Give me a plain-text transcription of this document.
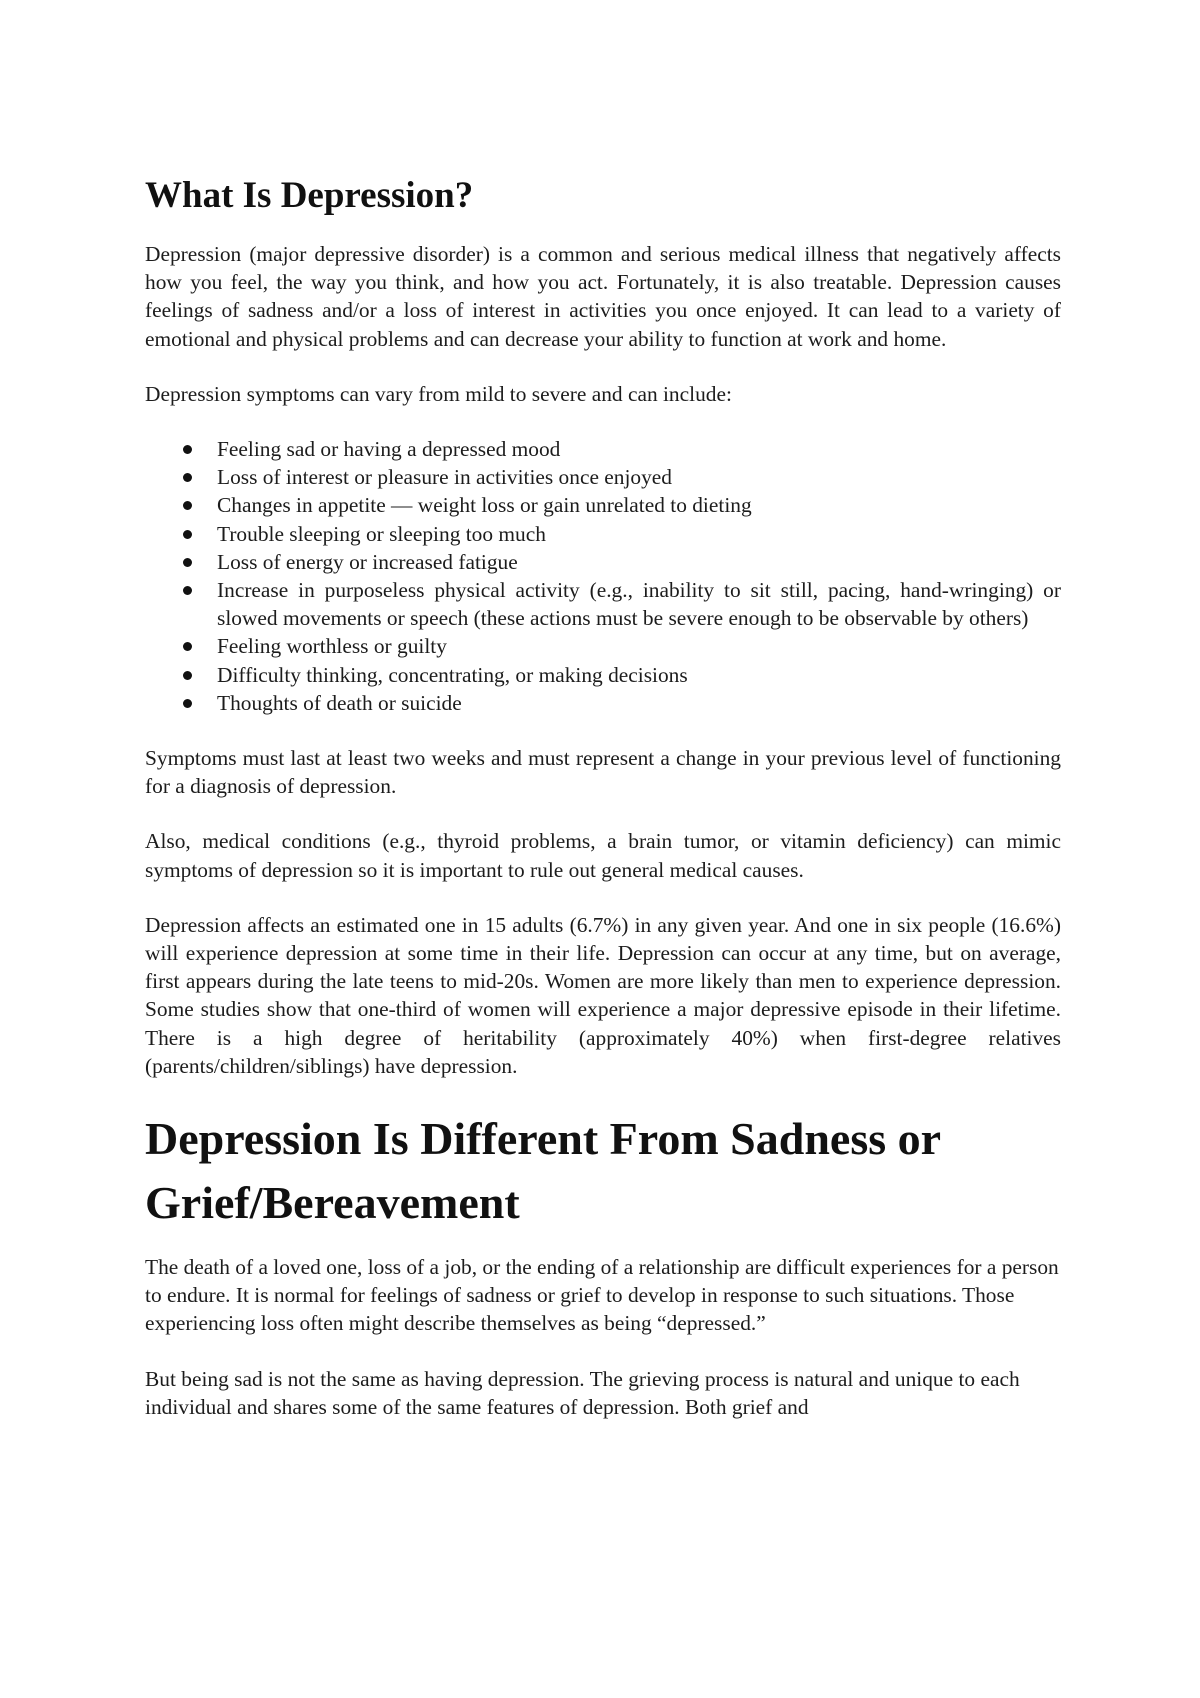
What Is Depression?

Depression (major depressive disorder) is a common and serious medical illness that negatively affects how you feel, the way you think, and how you act. Fortunately, it is also treatable. Depression causes feelings of sadness and/or a loss of interest in activities you once enjoyed. It can lead to a variety of emotional and physical problems and can decrease your ability to function at work and home.

Depression symptoms can vary from mild to severe and can include:

Feeling sad or having a depressed mood
Loss of interest or pleasure in activities once enjoyed
Changes in appetite — weight loss or gain unrelated to dieting
Trouble sleeping or sleeping too much
Loss of energy or increased fatigue
Increase in purposeless physical activity (e.g., inability to sit still, pacing, hand-wringing) or slowed movements or speech (these actions must be severe enough to be observable by others)
Feeling worthless or guilty
Difficulty thinking, concentrating, or making decisions
Thoughts of death or suicide

Symptoms must last at least two weeks and must represent a change in your previous level of functioning for a diagnosis of depression.

Also, medical conditions (e.g., thyroid problems, a brain tumor, or vitamin deficiency) can mimic symptoms of depression so it is important to rule out general medical causes.

Depression affects an estimated one in 15 adults (6.7%) in any given year. And one in six people (16.6%) will experience depression at some time in their life. Depression can occur at any time, but on average, first appears during the late teens to mid-20s. Women are more likely than men to experience depression. Some studies show that one-third of women will experience a major depressive episode in their lifetime. There is a high degree of heritability (approximately 40%) when first-degree relatives (parents/children/siblings) have depression.

Depression Is Different From Sadness or Grief/Bereavement

The death of a loved one, loss of a job, or the ending of a relationship are difficult experiences for a person to endure. It is normal for feelings of sadness or grief to develop in response to such situations. Those experiencing loss often might describe themselves as being “depressed.”

But being sad is not the same as having depression. The grieving process is natural and unique to each individual and shares some of the same features of depression. Both grief and
